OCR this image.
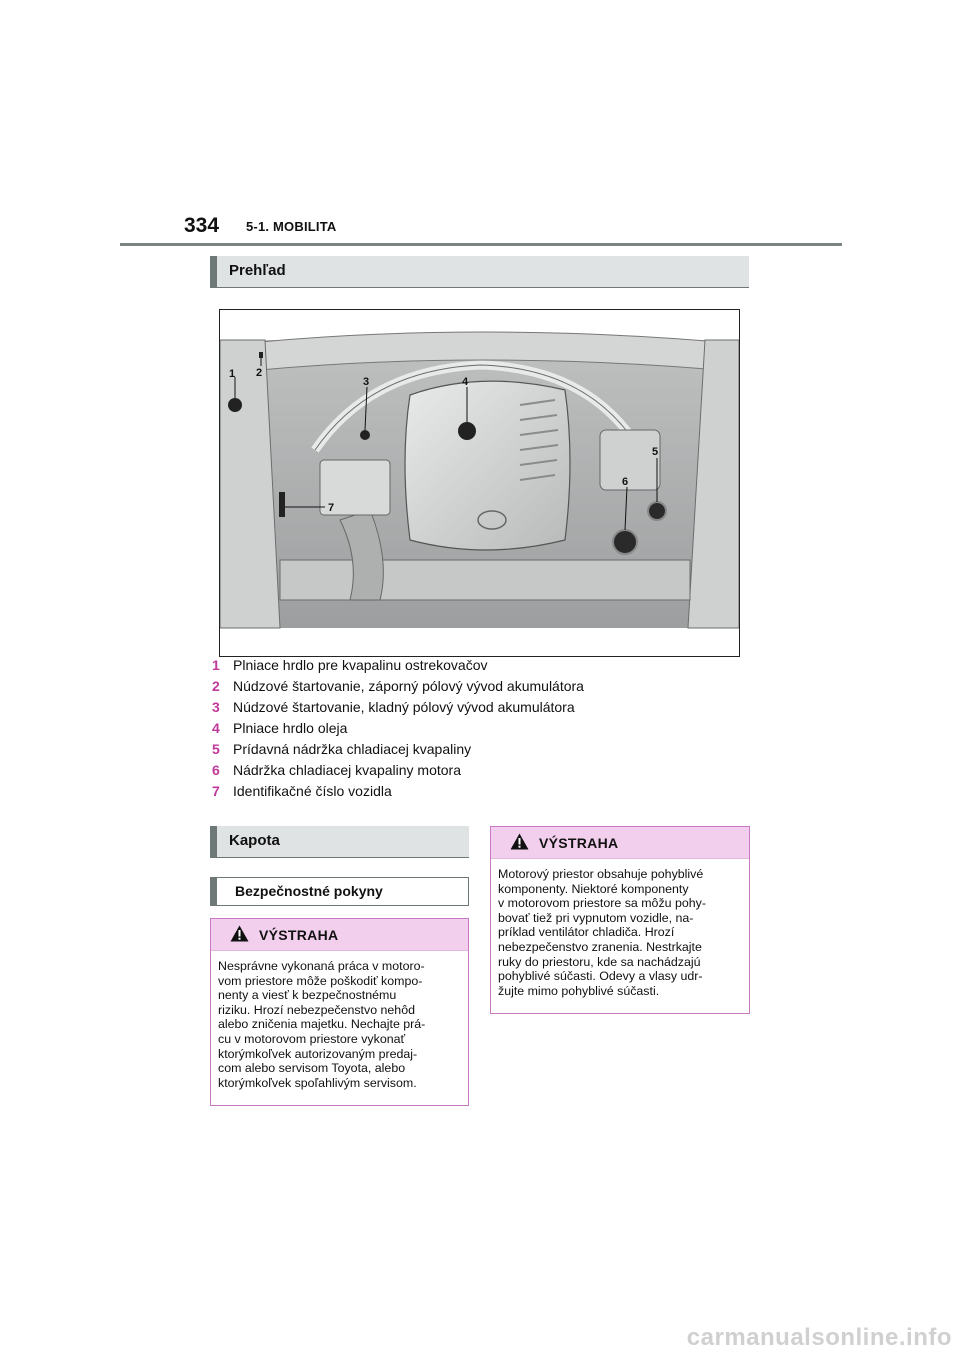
334 5-1. MOBILITA
Prehľad
1 2
3	4
5
6
7
1 Plniace hrdlo pre kvapalinu ostrekovačov
2 Núdzové štartovanie, záporný pólový vývod akumulátora
3 Núdzové štartovanie, kladný pólový vývod akumulátora
4 Plniace hrdlo oleja
5 Prídavná nádržka chladiacej kvapaliny
6 Nádržka chladiacej kvapaliny motora
7 Identifikačné číslo vozidla
Kapota
Bezpečnostné pokyny
VÝSTRAHA

Nesprávne vykonaná práca v motoro-

vom priestore môže poškodiť kompo-

nenty a viesť k bezpečnostnému

riziku. Hrozí nebezpečenstvo nehôd

alebo zničenia majetku. Nechajte prá-

cu v motorovom priestore vykonať

ktorýmkoľvek autorizovaným predaj-

com alebo servisom Toyota, alebo

ktorýmkoľvek spoľahlivým servisom.

VÝSTRAHA

Motorový priestor obsahuje pohyblivé

komponenty. Niektoré komponenty

v motorovom priestore sa môžu pohy-

bovať tiež pri vypnutom vozidle, na-

príklad ventilátor chladiča. Hrozí

nebezpečenstvo zranenia. Nestrkajte

ruky do priestoru, kde sa nachádzajú

pohyblivé súčasti. Odevy a vlasy udr-

žujte mimo pohyblivé súčasti.

carmanualsonline.info
